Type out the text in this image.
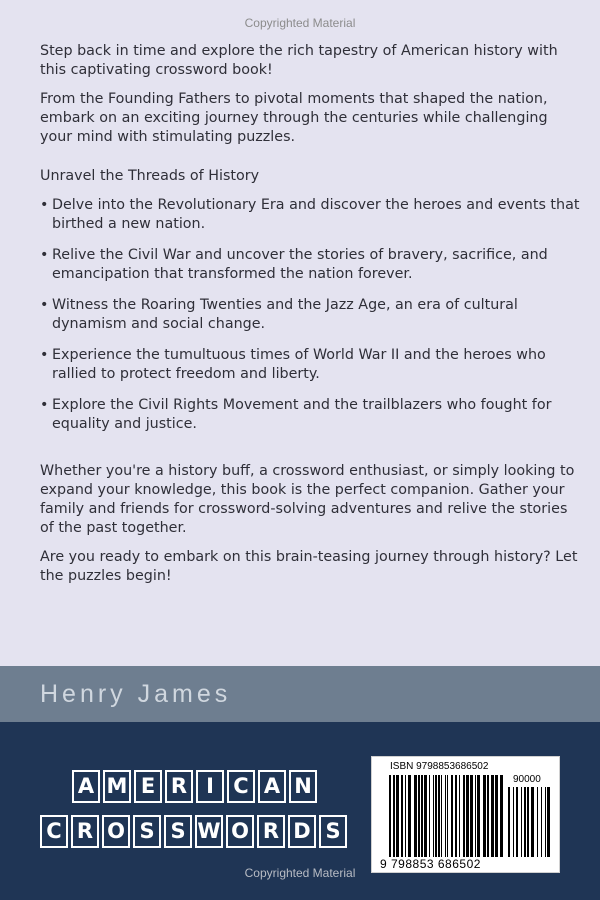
Copyrighted Material

Step back in time and explore the rich tapestry of American history with this captivating crossword book!

From the Founding Fathers to pivotal moments that shaped the nation, embark on an exciting journey through the centuries while challenging your mind with stimulating puzzles.

Unravel the Threads of History

• Delve into the Revolutionary Era and discover the heroes and events that birthed a new nation.
• Relive the Civil War and uncover the stories of bravery, sacrifice, and emancipation that transformed the nation forever.
• Witness the Roaring Twenties and the Jazz Age, an era of cultural dynamism and social change.
• Experience the tumultuous times of World War II and the heroes who rallied to protect freedom and liberty.
• Explore the Civil Rights Movement and the trailblazers who fought for equality and justice.

Whether you're a history buff, a crossword enthusiast, or simply looking to expand your knowledge, this book is the perfect companion. Gather your family and friends for crossword-solving adventures and relive the stories of the past together.

Are you ready to embark on this brain-teasing journey through history? Let the puzzles begin!

Henry James
A M E R I C A N
C R O S S W O R D S
ISBN 9798853686502
90000
9 798853 686502
Copyrighted Material
